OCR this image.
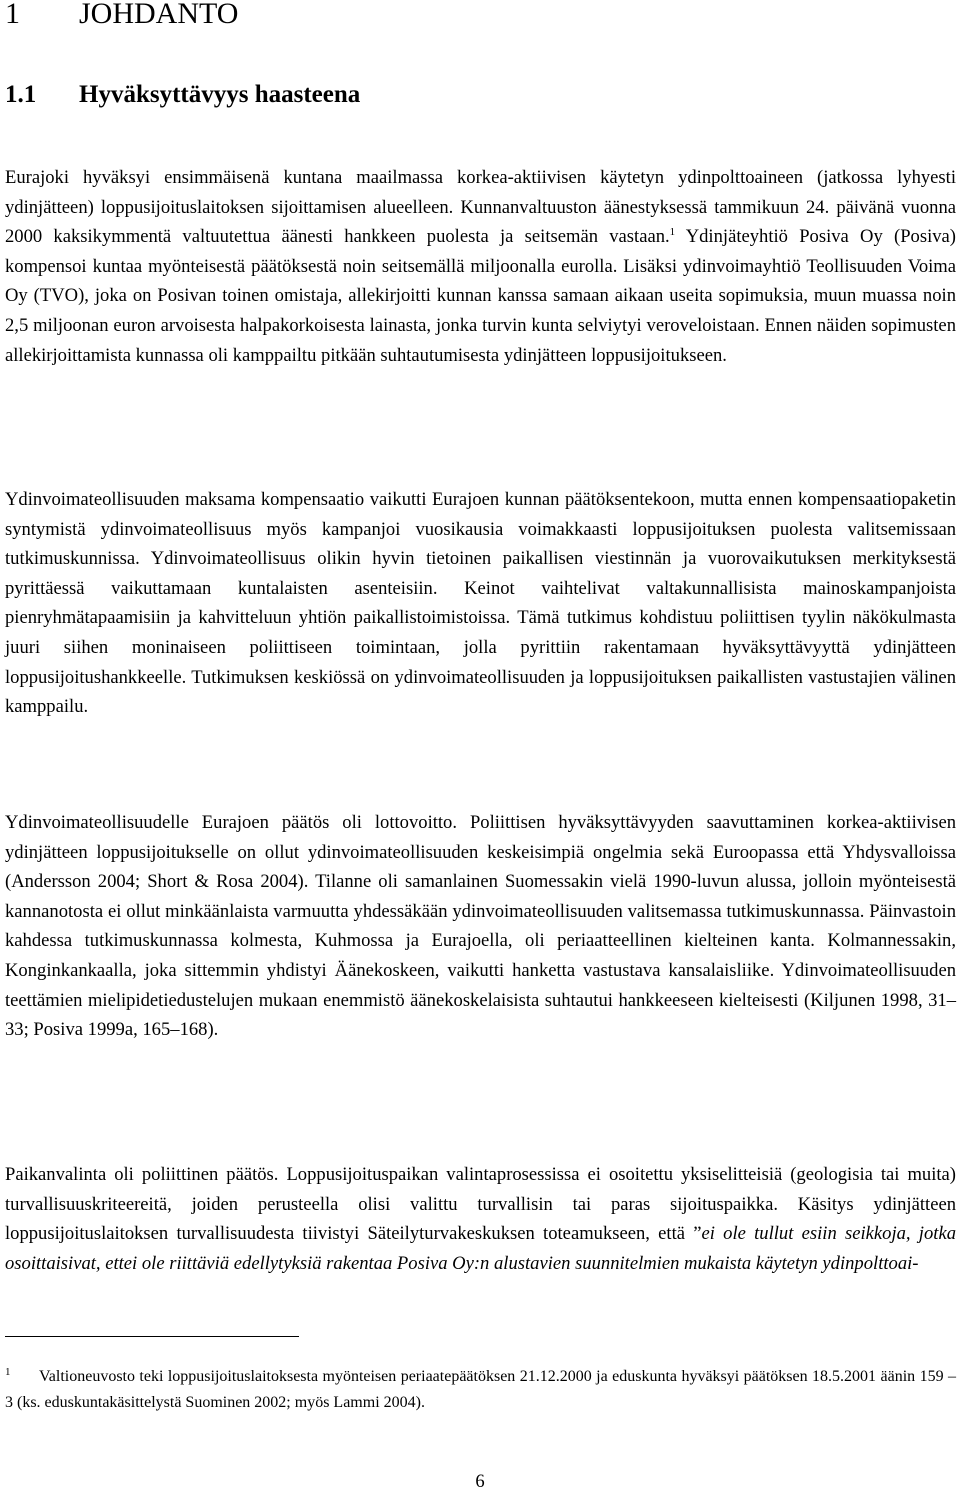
1 JOHDANTO
1.1 Hyväksyttävyys haasteena

Eurajoki hyväksyi ensimmäisenä kuntana maailmassa korkea-aktiivisen käytetyn ydinpolttoaineen (jatkossa lyhyesti ydinjätteen) loppusijoituslaitoksen sijoittamisen alueelleen. Kunnanvaltuuston äänestyksessä tammikuun 24. päivänä vuonna 2000 kaksikymmentä valtuutettua äänesti hankkeen puolesta ja seitsemän vastaan.$^1$ Ydinjäteyhtiö Posiva Oy (Posiva) kompensoi kuntaa myönteisestä päätöksestä noin seitsemällä miljoonalla eurolla. Lisäksi ydinvoimayhtiö Teollisuuden Voima Oy (TVO), joka on Posivan toinen omistaja, allekirjoitti kunnan kanssa samaan aikaan useita sopimuksia, muun muassa noin 2,5 miljoonan euron arvoisesta halpakorkoisesta lainasta, jonka turvin kunta selviytyi veroveloistaan. Ennen näiden sopimusten allekirjoittamista kunnassa oli kamppailtu pitkään suhtautumisesta ydinjätteen loppusijoitukseen.

Ydinvoimateollisuuden maksama kompensaatio vaikutti Eurajoen kunnan päätöksentekoon, mutta ennen kompensaatiopaketin syntymistä ydinvoimateollisuus myös kampanjoi vuosikausia voimakkaasti loppusijoituksen puolesta valitsemissaan tutkimuskunnissa. Ydinvoimateollisuus olikin hyvin tietoinen paikallisen viestinnän ja vuorovaikutuksen merkityksestä pyrittäessä vaikuttamaan kuntalaisten asenteisiin. Keinot vaihtelivat valtakunnallisista mainoskampanjoista pienryhmätapaamisiin ja kahvitteluun yhtiön paikallistoimistoissa. Tämä tutkimus kohdistuu poliittisen tyylin näkökulmasta juuri siihen moninaiseen poliittiseen toimintaan, jolla pyrittiin rakentamaan hyväksyttävyyttä ydinjätteen loppusijoitushankkeelle. Tutkimuksen keskiössä on ydinvoimateollisuuden ja loppusijoituksen paikallisten vastustajien välinen kamppailu.

Ydinvoimateollisuudelle Eurajoen päätös oli lottovoitto. Poliittisen hyväksyttävyyden saavuttaminen korkea-aktiivisen ydinjätteen loppusijoitukselle on ollut ydinvoimateollisuuden keskeisimpiä ongelmia sekä Euroopassa että Yhdysvalloissa (Andersson 2004; Short & Rosa 2004). Tilanne oli samanlainen Suomessakin vielä 1990-luvun alussa, jolloin myönteisestä kannanotosta ei ollut minkäänlaista varmuutta yhdessäkään ydinvoimateollisuuden valitsemassa tutkimuskunnassa. Päinvastoin kahdessa tutkimuskunnassa kolmesta, Kuhmossa ja Eurajoella, oli periaatteellinen kielteinen kanta. Kolmannessakin, Konginkankaalla, joka sittemmin yhdistyi Äänekoskeen, vaikutti hanketta vastustava kansalaisliike. Ydinvoimateollisuuden teettämien mielipidetiedustelujen mukaan enemmistö äänekoskelaisista suhtautui hankkeeseen kielteisesti (Kiljunen 1998, 31–33; Posiva 1999a, 165–168).

Paikanvalinta oli poliittinen päätös. Loppusijoituspaikan valintaprosessissa ei osoitettu yksiselitteisiä (geologisia tai muita) turvallisuuskriteereitä, joiden perusteella olisi valittu turvallisin tai paras sijoituspaikka. Käsitys ydinjätteen loppusijoituslaitoksen turvallisuudesta tiivistyi Säteilyturvakeskuksen toteamukseen, että ”ei ole tullut esiin seikkoja, jotka osoittaisivat, ettei ole riittäviä edellytyksiä rakentaa Posiva Oy:n alustavien suunnitelmien mukaista käytetyn ydinpolttoai-

1 Valtioneuvosto teki loppusijoituslaitoksesta myönteisen periaatepäätöksen 21.12.2000 ja eduskunta hyväksyi päätöksen 18.5.2001 äänin 159 – 3 (ks. eduskuntakäsittelystä Suominen 2002; myös Lammi 2004).

6
